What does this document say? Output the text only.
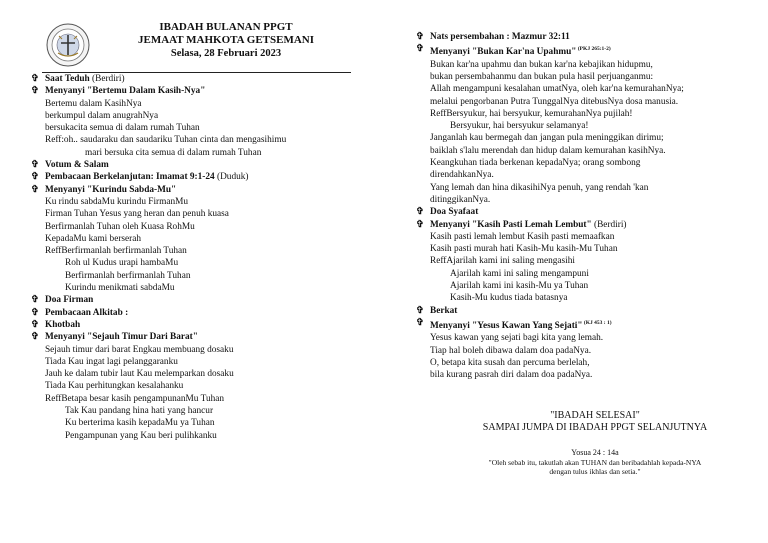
IBADAH BULANAN PPGT
JEMAAT MAHKOTA GETSEMANI
Selasa, 28 Februari 2023
✞ Saat Teduh (Berdiri)
✞ Menyanyi "Bertemu Dalam Kasih-Nya"
Bertemu dalam KasihNya
berkumpul dalam anugrahNya
bersukacita semua di dalam rumah Tuhan
Reff:oh.. saudaraku dan saudariku Tuhan cinta dan mengasihimu
mari bersuka cita semua di dalam rumah Tuhan
✞ Votum & Salam
✞ Pembacaan Berkelanjutan: Imamat 9:1-24 (Duduk)
✞ Menyanyi "Kurindu Sabda-Mu"
Ku rindu sabdaMu kurindu FirmanMu
Firman Tuhan Yesus yang heran dan penuh kuasa
Berfirmanlah Tuhan oleh Kuasa RohMu
KepadaMu kami berserah
ReffBerfirmanlah berfirmanlah Tuhan
Roh ul Kudus urapi hambaMu
Berfirmanlah berfirmanlah Tuhan
Kurindu menikmati sabdaMu
✞ Doa Firman
✞ Pembacaan Alkitab :
✞ Khotbah
✞ Menyanyi "Sejauh Timur Dari Barat"
Sejauh timur dari barat Engkau membuang dosaku
Tiada Kau ingat lagi pelanggaranku
Jauh ke dalam tubir laut Kau melemparkan dosaku
Tiada Kau perhitungkan kesalahanku
ReffBetapa besar kasih pengampunanMu Tuhan
Tak Kau pandang hina hati yang hancur
Ku berterima kasih kepadaMu ya Tuhan
Pengampunan yang Kau beri pulihkanku
✞ Nats persembahan : Mazmur 32:11
✞ Menyanyi "Bukan Kar'na Upahmu" $^{(PKJ 265:1-2)}$
Bukan kar'na upahmu dan bukan kar'na kebajikan hidupmu,
bukan persembahanmu dan bukan pula hasil perjuanganmu:
Allah mengampuni kesalahan umatNya, oleh kar'na kemurahanNya;
melalui pengorbanan Putra TunggalNya ditebusNya dosa manusia.
ReffBersyukur, hai bersyukur, kemurahanNya pujilah!
Bersyukur, hai bersyukur selamanya!
Janganlah kau bermegah dan jangan pula meninggikan dirimu;
baiklah s'lalu merendah dan hidup dalam kemurahan kasihNya.
Keangkuhan tiada berkenan kepadaNya; orang sombong
direndahkanNya.
Yang lemah dan hina dikasihiNya penuh, yang rendah 'kan
ditinggikanNya.
✞ Doa Syafaat
✞ Menyanyi "Kasih Pasti Lemah Lembut" (Berdiri)
Kasih pasti lemah lembut Kasih pasti memaafkan
Kasih pasti murah hati Kasih-Mu kasih-Mu Tuhan
ReffAjarilah kami ini saling mengasihi
Ajarilah kami ini saling mengampuni
Ajarilah kami ini kasih-Mu ya Tuhan
Kasih-Mu kudus tiada batasnya
✞ Berkat
✞ Menyanyi "Yesus Kawan Yang Sejati" $^{(KJ 453 : 1)}$
Yesus kawan yang sejati bagi kita yang lemah.
Tiap hal boleh dibawa dalam doa padaNya.
O, betapa kita susah dan percuma berlelah,
bila kurang pasrah diri dalam doa padaNya.
"IBADAH SELESAI"
SAMPAI JUMPA DI IBADAH PPGT SELANJUTNYA
Yosua 24 : 14a
"Oleh sebab itu, takutlah akan TUHAN dan beribadahlah kepada-NYA
dengan tulus ikhlas dan setia."
